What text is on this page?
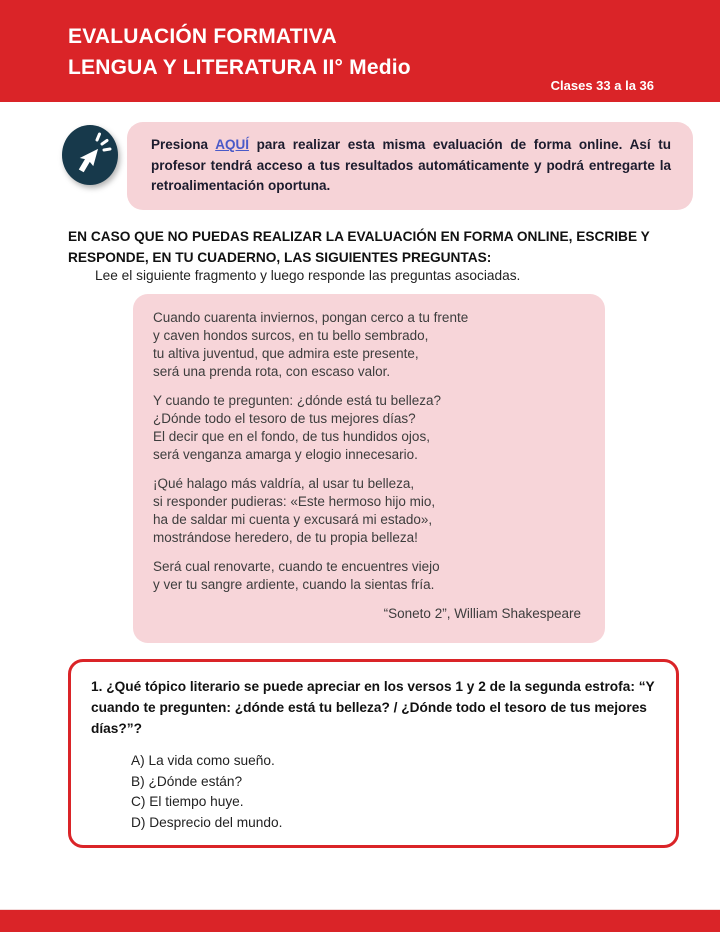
EVALUACIÓN FORMATIVA
LENGUA Y LITERATURA II° Medio
Clases 33 a la 36
Presiona AQUÍ para realizar esta misma evaluación de forma online. Así tu profesor tendrá acceso a tus resultados automáticamente y podrá entregarte la retroalimentación oportuna.
EN CASO QUE NO PUEDAS REALIZAR LA EVALUACIÓN EN FORMA ONLINE, ESCRIBE Y RESPONDE, EN TU CUADERNO, LAS SIGUIENTES PREGUNTAS:
Lee el siguiente fragmento y luego responde las preguntas asociadas.
Cuando cuarenta inviernos, pongan cerco a tu frente
y caven hondos surcos, en tu bello sembrado,
tu altiva juventud, que admira este presente,
será una prenda rota, con escaso valor.
Y cuando te pregunten: ¿dónde está tu belleza?
¿Dónde todo el tesoro de tus mejores días?
El decir que en el fondo, de tus hundidos ojos,
será venganza amarga y elogio innecesario.
¡Qué halago más valdría, al usar tu belleza,
si responder pudieras: «Este hermoso hijo mio,
ha de saldar mi cuenta y excusará mi estado»,
mostrándose heredero, de tu propia belleza!
Será cual renovarte, cuando te encuentres viejo
y ver tu sangre ardiente, cuando la sientas fría.
“Soneto 2”, William Shakespeare
1. ¿Qué tópico literario se puede apreciar en los versos 1 y 2 de la segunda estrofa: “Y cuando te pregunten: ¿dónde está tu belleza? / ¿Dónde todo el tesoro de tus mejores días?”?
A) La vida como sueño.
B) ¿Dónde están?
C) El tiempo huye.
D) Desprecio del mundo.
